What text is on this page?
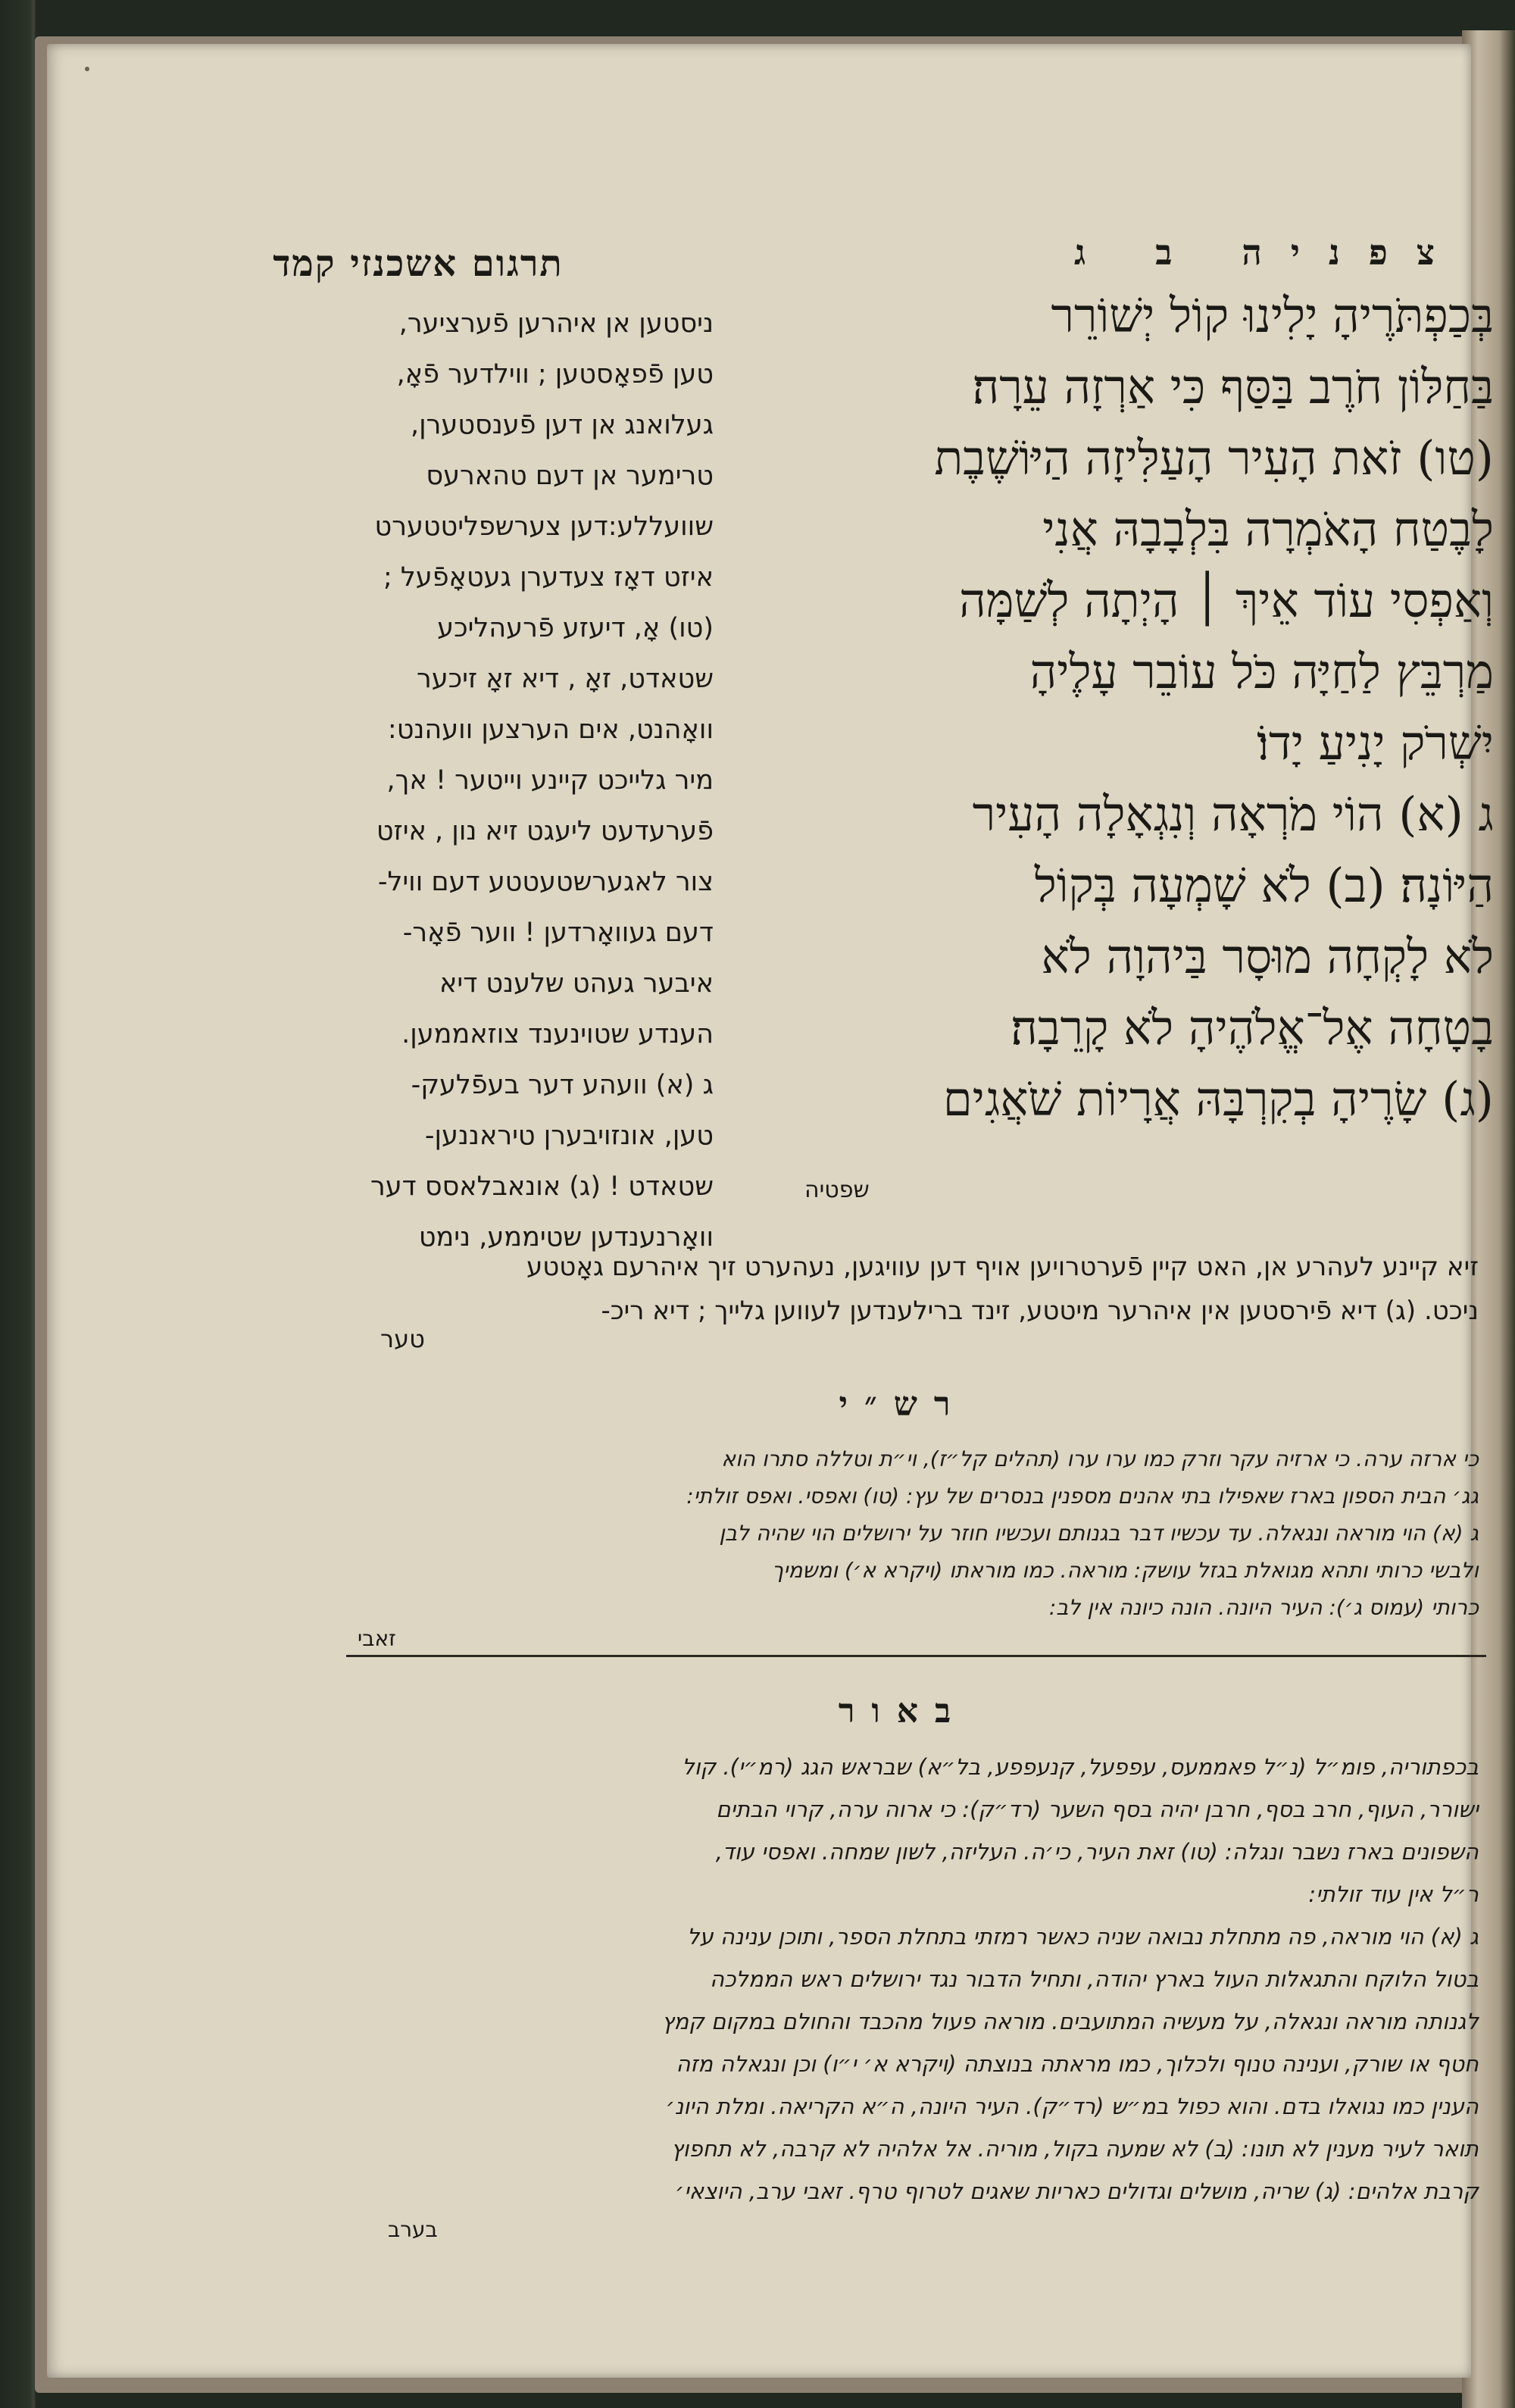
תרגום אשכנזי קמד
ניסטען אן איהרען פֿערציער,
טען פֿפאָסטען ; ווילדער פֿאָ,
געלואנג אן דען פֿענסטערן,
טרימער אן דעם טהארעס
שוועללע:דען צערשפליטטערט
איזט דאָז צעדערן געטאָפֿעל ;
(טו) אָ, דיעזע פֿרעהליכע
שטאדט, זאָ , דיא זאָ זיכער
וואָהנט, אים הערצען וועהנט:
מיר גלייכט קיינע וייטער ! אך,
פֿערעדעט ליעגט זיא נון , איזט
צור לאגערשטעטטע דעם וויל-
דעם געוואָרדען ! ווער פֿאָר-
איבער געהט שלענט דיא
הענדע שטוינענד צוזאממען.
ג (א) וועהע דער בעפֿלעק-
טען, אונזויבערן טיראננען-
שטאדט ! (ג) אונאבלאסס דער
וואָרנענדען שטיממע, נימט
צפניה ב ג
בְּכַפְתֹּרֶיהָ יָלִינוּ קוֹל יְשׁוֹרֵר
בַּחַלּוֹן חֹרֶב בַּסַּף כִּי אַרְזָה עֵרָה׃
(טו) זֹאת הָעִיר הָעַלִּיזָה הַיּוֹשֶׁבֶת
לָבֶטַח הָאֹמְרָה בִּלְבָבָהּ אֲנִי
וְאַפְסִי עוֹד אֵיךְ ׀ הָיְתָה לְשַׁמָּה
מַרְבֵּץ לַחַיָּה כֹּל עוֹבֵר עָלֶיהָ
יִשְׁרֹק יָנִיעַ יָדוֹ׃
ג (א) הוֹי מֹרְאָה וְנִגְאָלָה הָעִיר
הַיּוֹנָה׃ (ב) לֹא שָׁמְעָה בְּקוֹל
לֹא לָקְחָה מוּסָר בַּיהוָה לֹא
בָטָחָה אֶל־אֱלֹהֶיהָ לֹא קָרֵבָה׃
(ג) שָׂרֶיהָ בְקִרְבָּהּ אֲרָיוֹת שֹׁאֲגִים
שפטיה
זיא קיינע לעהרע אן, האט קיין פֿערטרויען אויף דען עוויגען, נעהערט זיך איהרעם גאָטטע
ניכט. (ג) דיא פֿירסטען אין איהרער מיטטע, זינד ברילענדען לעווען גלייך ; דיא ריכ-
טער
רש״י
כי ארזה ערה. כי ארזיה עקר וזרק כמו ערו ערו (תהלים קל״ז), וי״ת וטללה סתרו הוא
גג׳ הבית הספון בארז שאפילו בתי אהנים מספנין בנסרים של עץ: (טו) ואפסי. ואפס זולתי:
ג (א) הוי מוראה ונגאלה. עד עכשיו דבר בגנותם ועכשיו חוזר על ירושלים הוי שהיה לבן
ולבשי כרותי ותהא מגואלת בגזל עושק: מוראה. כמו מוראתו (ויקרא א׳) ומשמיך
כרותי (עמוס ג׳): העיר היונה. הונה כיונה אין לב:
זאבי
באור
בכפתוריה, פומ״ל (נ״ל פאממעס, עפפעל, קנעפפע, בל״א) שבראש הגג (רמ״י). קול
ישורר, העוף, חרב בסף, חרבן יהיה בסף השער (רד״ק): כי ארוה ערה, קרוי הבתים
השפונים בארז נשבר ונגלה: (טו) זאת העיר, כי׳ה. העליזה, לשון שמחה. ואפסי עוד,
ר״ל אין עוד זולתי:
ג (א) הוי מוראה, פה מתחלת נבואה שניה כאשר רמזתי בתחלת הספר, ותוכן ענינה על
בטול הלוקח והתגאלות העול בארץ יהודה, ותחיל הדבור נגד ירושלים ראש הממלכה
לגנותה מוראה ונגאלה, על מעשיה המתועבים. מוראה פעול מהכבד והחולם במקום קמץ
חטף או שורק, וענינה טנוף ולכלוך, כמו מראתה בנוצתה (ויקרא א׳ י״ו) וכן ונגאלה מזה
הענין כמו נגואלו בדם. והוא כפול במ״ש (רד״ק). העיר היונה, ה״א הקריאה. ומלת היונ׳
תואר לעיר מענין לא תונו: (ב) לא שמעה בקול, מוריה. אל אלהיה לא קרבה, לא תחפוץ
קרבת אלהים: (ג) שריה, מושלים וגדולים כאריות שאגים לטרוף טרף. זאבי ערב, היוצאי׳
בערב
